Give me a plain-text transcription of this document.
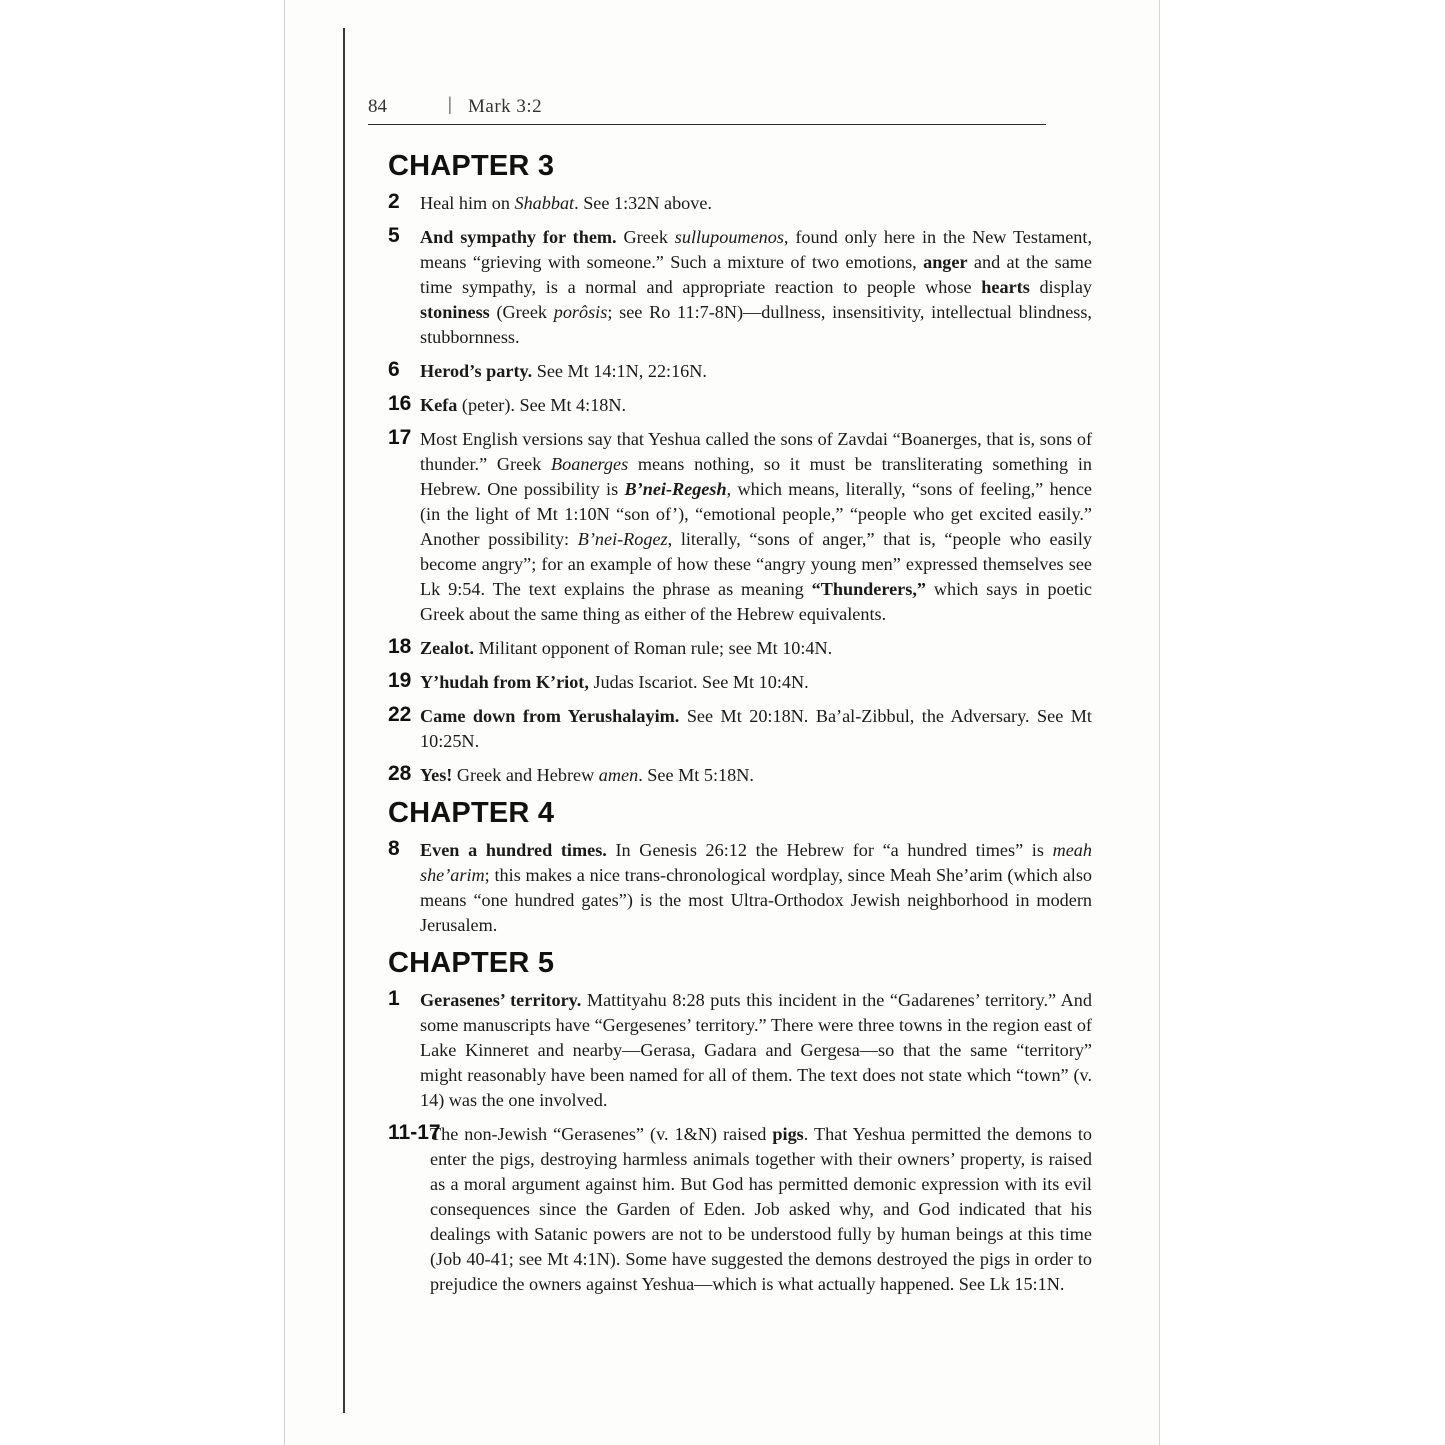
84	| Mark 3:2
CHAPTER 3
2 Heal him on Shabbat. See 1:32N above.
5 And sympathy for them. Greek sullupoumenos, found only here in the New Testament, means “grieving with someone.” Such a mixture of two emotions, anger and at the same time sympathy, is a normal and appropriate reaction to people whose hearts display stoniness (Greek porôsis; see Ro 11:7-8N)—dullness, insensitivity, intellectual blindness, stubbornness.
6 Herod’s party. See Mt 14:1N, 22:16N.
16 Kefa (peter). See Mt 4:18N.
17 Most English versions say that Yeshua called the sons of Zavdai “Boanerges, that is, sons of thunder.” Greek Boanerges means nothing, so it must be transliterating something in Hebrew. One possibility is B’nei-Regesh, which means, literally, “sons of feeling,” hence (in the light of Mt 1:10N “son of’), “emotional people,” “people who get excited easily.” Another possibility: B’nei-Rogez, literally, “sons of anger,” that is, “people who easily become angry”; for an example of how these “angry young men” expressed themselves see Lk 9:54. The text explains the phrase as meaning “Thunderers,” which says in poetic Greek about the same thing as either of the Hebrew equivalents.
18 Zealot. Militant opponent of Roman rule; see Mt 10:4N.
19 Y’hudah from K’riot, Judas Iscariot. See Mt 10:4N.
22 Came down from Yerushalayim. See Mt 20:18N. Ba’al-Zibbul, the Adversary. See Mt 10:25N.
28 Yes! Greek and Hebrew amen. See Mt 5:18N.
CHAPTER 4
8 Even a hundred times. In Genesis 26:12 the Hebrew for “a hundred times” is meah she’arim; this makes a nice trans-chronological wordplay, since Meah She’arim (which also means “one hundred gates”) is the most Ultra-Orthodox Jewish neighborhood in modern Jerusalem.
CHAPTER 5
1 Gerasenes’ territory. Mattityahu 8:28 puts this incident in the “Gadarenes’ territory.” And some manuscripts have “Gergesenes’ territory.” There were three towns in the region east of Lake Kinneret and nearby—Gerasa, Gadara and Gergesa—so that the same “territory” might reasonably have been named for all of them. The text does not state which “town” (v. 14) was the one involved.
11-17
The non-Jewish “Gerasenes” (v. 1&N) raised pigs. That Yeshua permitted the demons to enter the pigs, destroying harmless animals together with their owners’ property, is raised as a moral argument against him. But God has permitted demonic expression with its evil consequences since the Garden of Eden. Job asked why, and God indicated that his dealings with Satanic powers are not to be understood fully by human beings at this time (Job 40-41; see Mt 4:1N). Some have suggested the demons destroyed the pigs in order to prejudice the owners against Yeshua—which is what actually happened. See Lk 15:1N.
